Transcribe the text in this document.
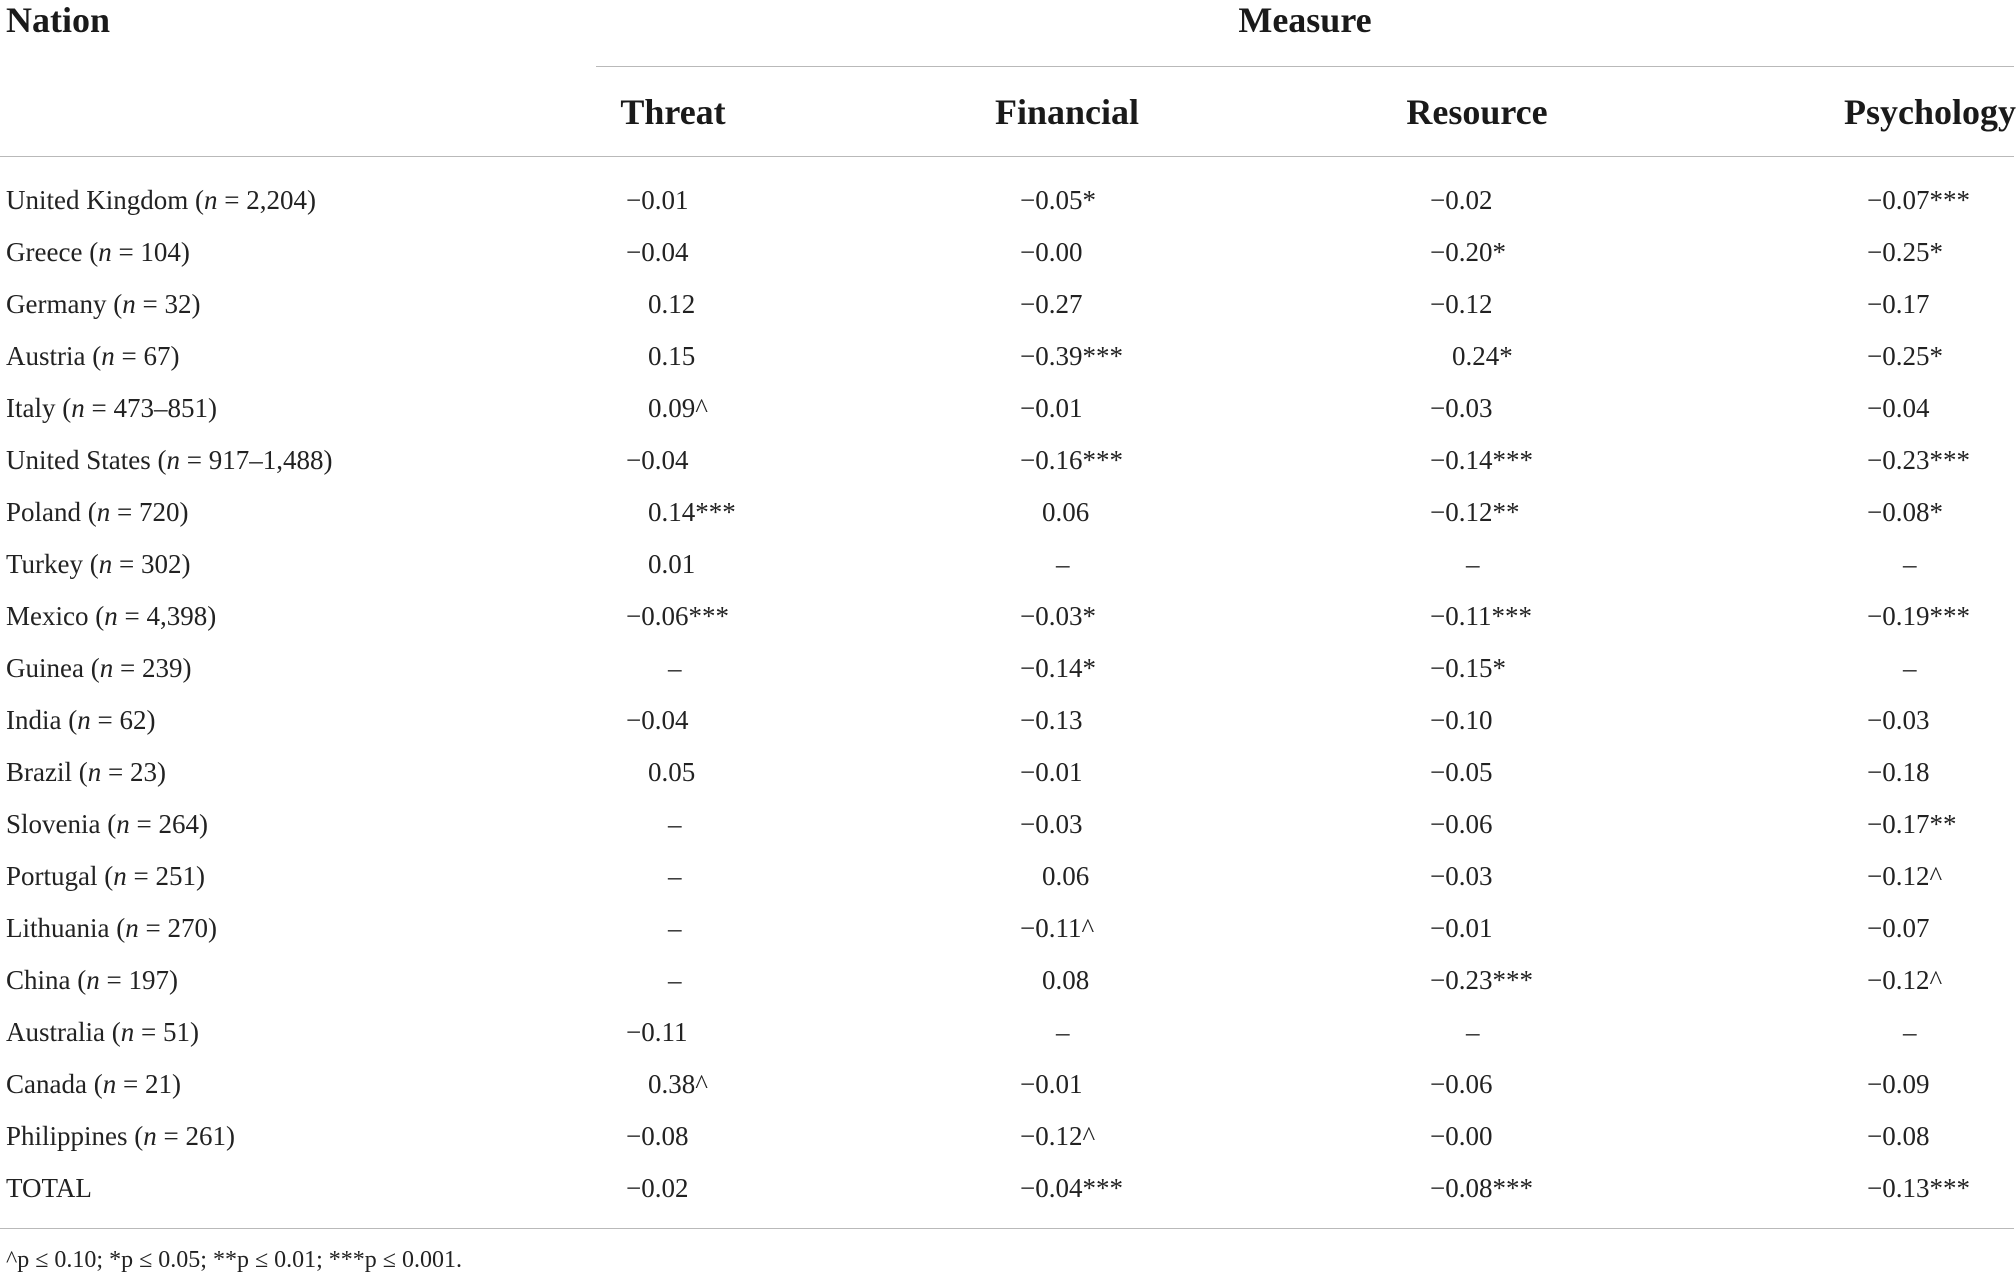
Nation	Measure
Threat	Financial	Resource	Psychology
United Kingdom (n = 2,204)	−0.01	−0.05*	−0.02	−0.07***
Greece (n = 104)	−0.04	−0.00	−0.20*	−0.25*
Germany (n = 32)	0.12	−0.27	−0.12	−0.17
Austria (n = 67)	0.15	−0.39***	0.24*	−0.25*
Italy (n = 473–851)	0.09^	−0.01	−0.03	−0.04
United States (n = 917–1,488)	−0.04	−0.16***	−0.14***	−0.23***
Poland (n = 720)	0.14***	0.06	−0.12**	−0.08*
Turkey (n = 302)	0.01	–	–	–
Mexico (n = 4,398)	−0.06***	−0.03*	−0.11***	−0.19***
Guinea (n = 239)	–	−0.14*	−0.15*	–
India (n = 62)	−0.04	−0.13	−0.10	−0.03
Brazil (n = 23)	0.05	−0.01	−0.05	−0.18
Slovenia (n = 264)	–	−0.03	−0.06	−0.17**
Portugal (n = 251)	–	0.06	−0.03	−0.12^
Lithuania (n = 270)	–	−0.11^	−0.01	−0.07
China (n = 197)	–	0.08	−0.23***	−0.12^
Australia (n = 51)	−0.11	–	–	–
Canada (n = 21)	0.38^	−0.01	−0.06	−0.09
Philippines (n = 261)	−0.08	−0.12^	−0.00	−0.08
TOTAL	−0.02	−0.04***	−0.08***	−0.13***
^p ≤ 0.10; *p ≤ 0.05; **p ≤ 0.01; ***p ≤ 0.001.
